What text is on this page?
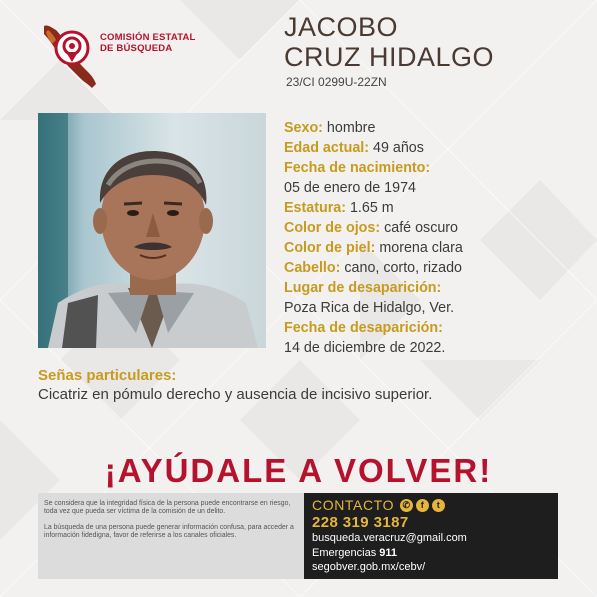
COMISIÓN ESTATAL
DE BÚSQUEDA
JACOBO
CRUZ HIDALGO
23/CI 0299U-22ZN
Sexo: hombre
Edad actual: 49 años
Fecha de nacimiento:
05 de enero de 1974
Estatura: 1.65 m
Color de ojos: café oscuro
Color de piel: morena clara
Cabello: cano, corto, rizado
Lugar de desaparición:
Poza Rica de Hidalgo, Ver.
Fecha de desaparición:
14 de diciembre de 2022.
Señas particulares:
Cicatriz en pómulo derecho y ausencia de incisivo superior.
¡AYÚDALE A VOLVER!

Se considera que la integridad física de la persona puede encontrarse en riesgo, toda vez que pueda ser víctima de la comisión de un delito.

La búsqueda de una persona puede generar información confusa, para acceder a información fidedigna, favor de referirse a los canales oficiales.

CONTACTO ✆	f	t
228 319 3187
busqueda.veracruz@gmail.com
Emergencias 911
segobver.gob.mx/cebv/
